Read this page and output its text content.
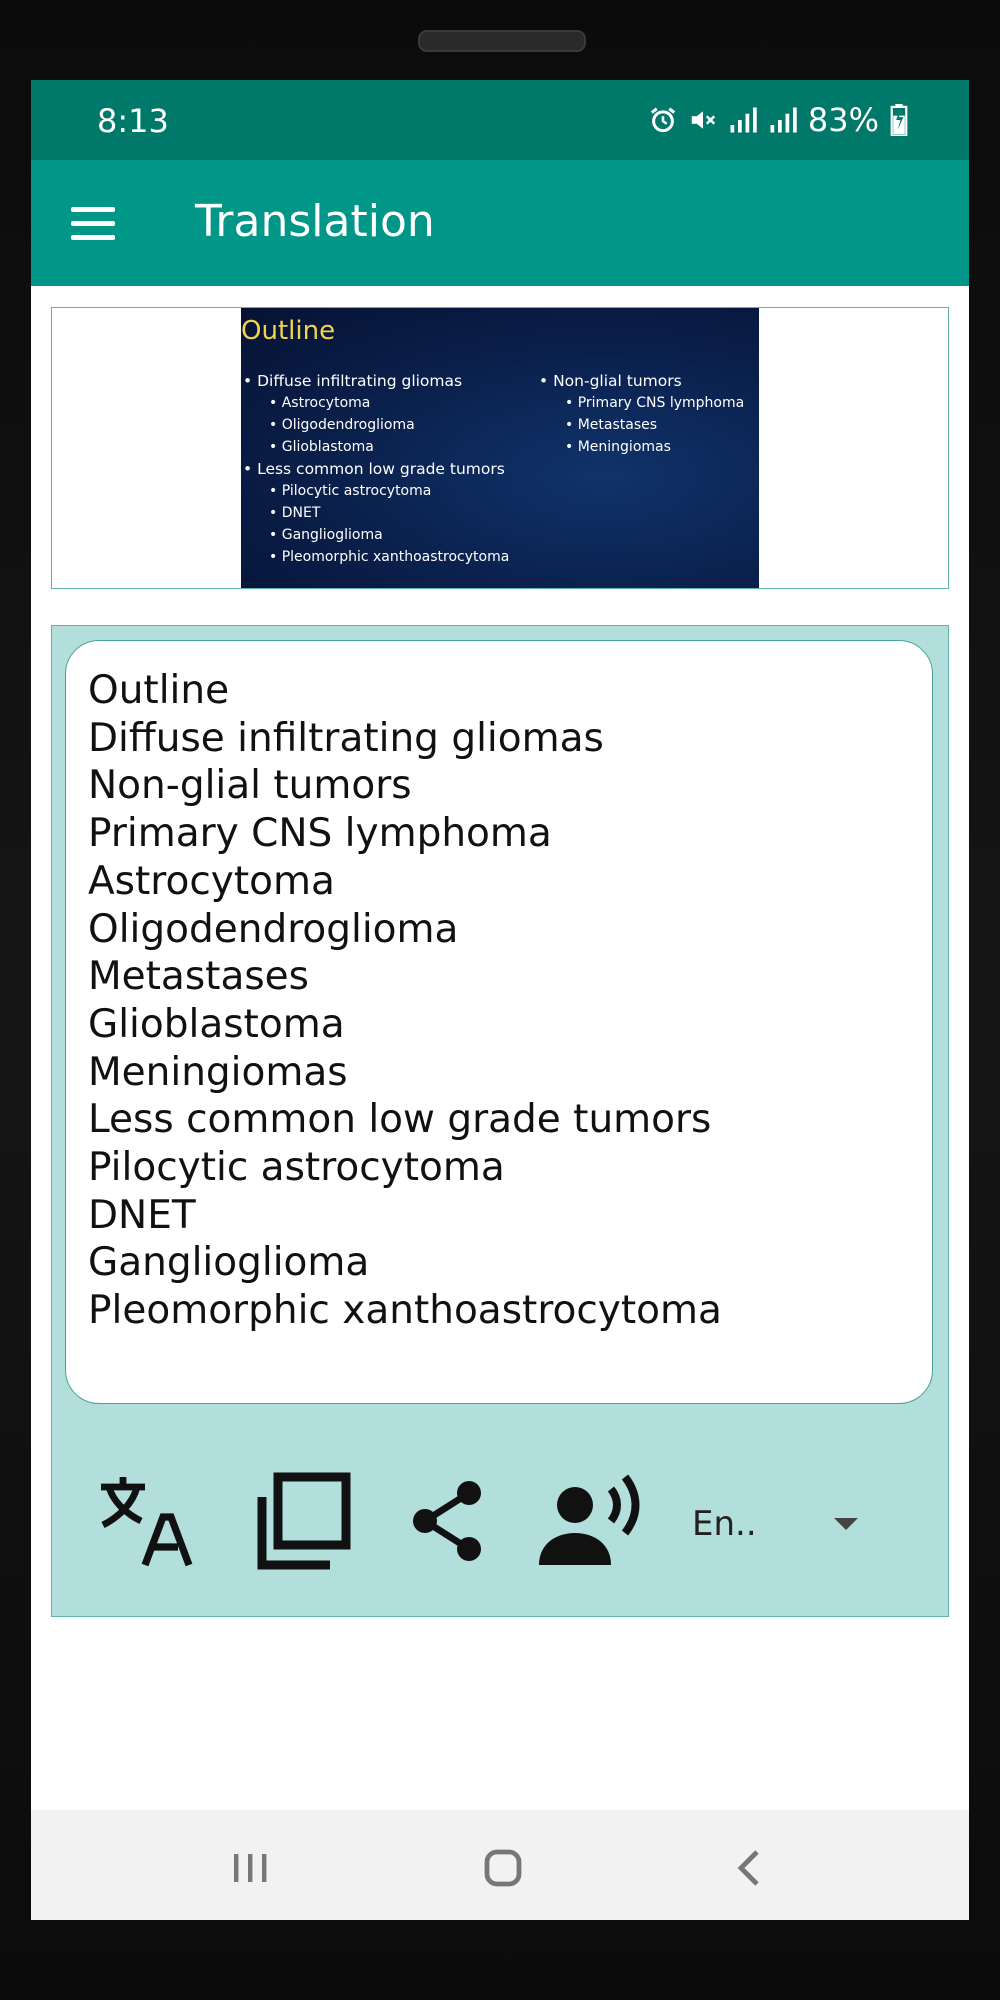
8:13	83%
Translation
Outline
• Diffuse infiltrating gliomas
• Astrocytoma
• Oligodendroglioma
• Glioblastoma
• Less common low grade tumors
• Pilocytic astrocytoma
• DNET
• Ganglioglioma
• Pleomorphic xanthoastrocytoma
• Non-glial tumors
• Primary CNS lymphoma
• Metastases
• Meningiomas
Outline
Diffuse infiltrating gliomas
Non-glial tumors
Primary CNS lymphoma
Astrocytoma
Oligodendroglioma
Metastases
Glioblastoma
Meningiomas
Less common low grade tumors
Pilocytic astrocytoma
DNET
Ganglioglioma
Pleomorphic xanthoastrocytoma
En..
